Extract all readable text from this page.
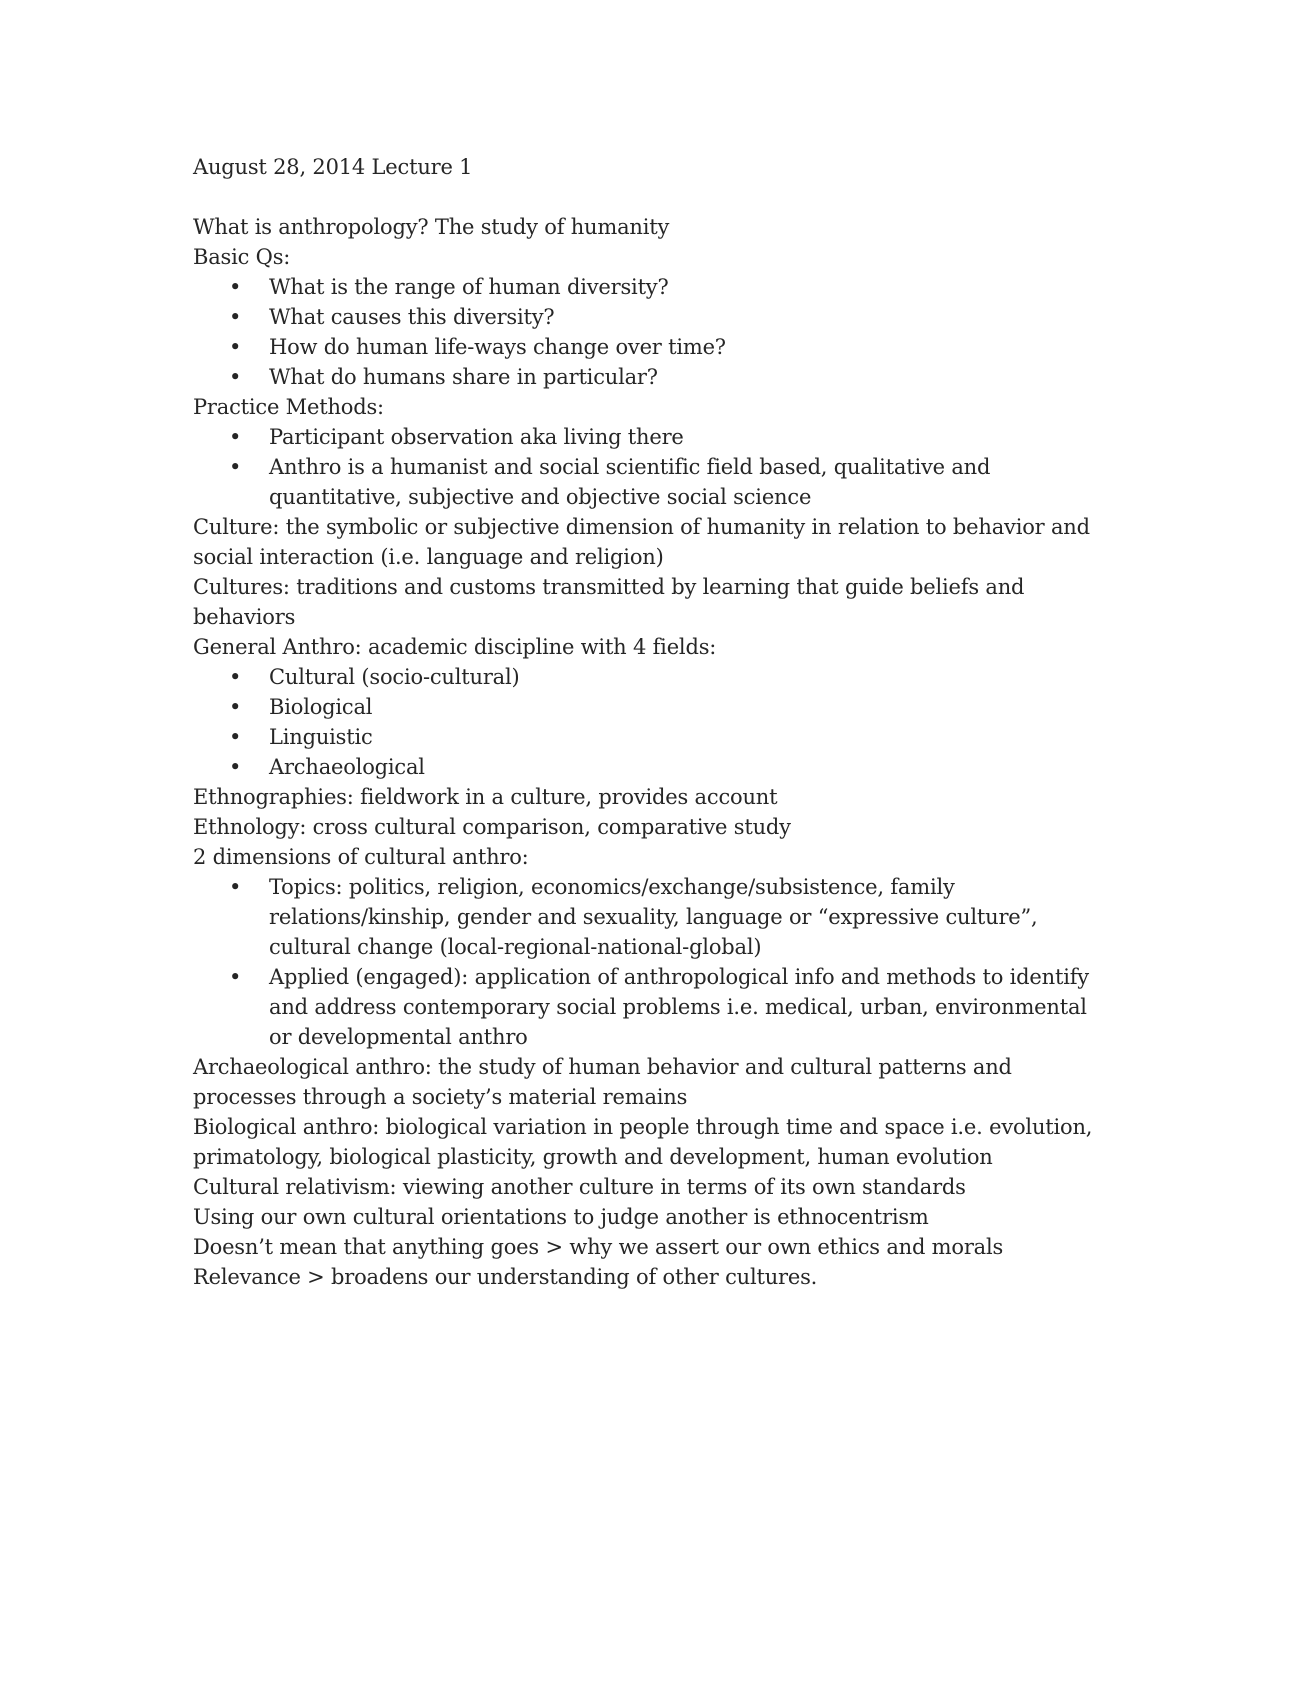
August 28, 2014 Lecture 1

What is anthropology? The study of humanity

Basic Qs:

• What is the range of human diversity?
• What causes this diversity?
• How do human life-ways change over time?
• What do humans share in particular?

Practice Methods:

• Participant observation aka living there
• Anthro is a humanist and social scientific field based, qualitative and quantitative, subjective and objective social science

Culture: the symbolic or subjective dimension of humanity in relation to behavior and social interaction (i.e. language and religion)

Cultures: traditions and customs transmitted by learning that guide beliefs and behaviors

General Anthro: academic discipline with 4 fields:

• Cultural (socio-cultural)
• Biological
• Linguistic
• Archaeological

Ethnographies: fieldwork in a culture, provides account

Ethnology: cross cultural comparison, comparative study

2 dimensions of cultural anthro:

• Topics: politics, religion, economics/exchange/subsistence, family relations/kinship, gender and sexuality, language or “expressive culture”, cultural change (local-regional-national-global)
• Applied (engaged): application of anthropological info and methods to identify and address contemporary social problems i.e. medical, urban, environmental or developmental anthro

Archaeological anthro: the study of human behavior and cultural patterns and processes through a society’s material remains

Biological anthro: biological variation in people through time and space i.e. evolution, primatology, biological plasticity, growth and development, human evolution

Cultural relativism: viewing another culture in terms of its own standards

Using our own cultural orientations to judge another is ethnocentrism

Doesn’t mean that anything goes > why we assert our own ethics and morals

Relevance > broadens our understanding of other cultures.
